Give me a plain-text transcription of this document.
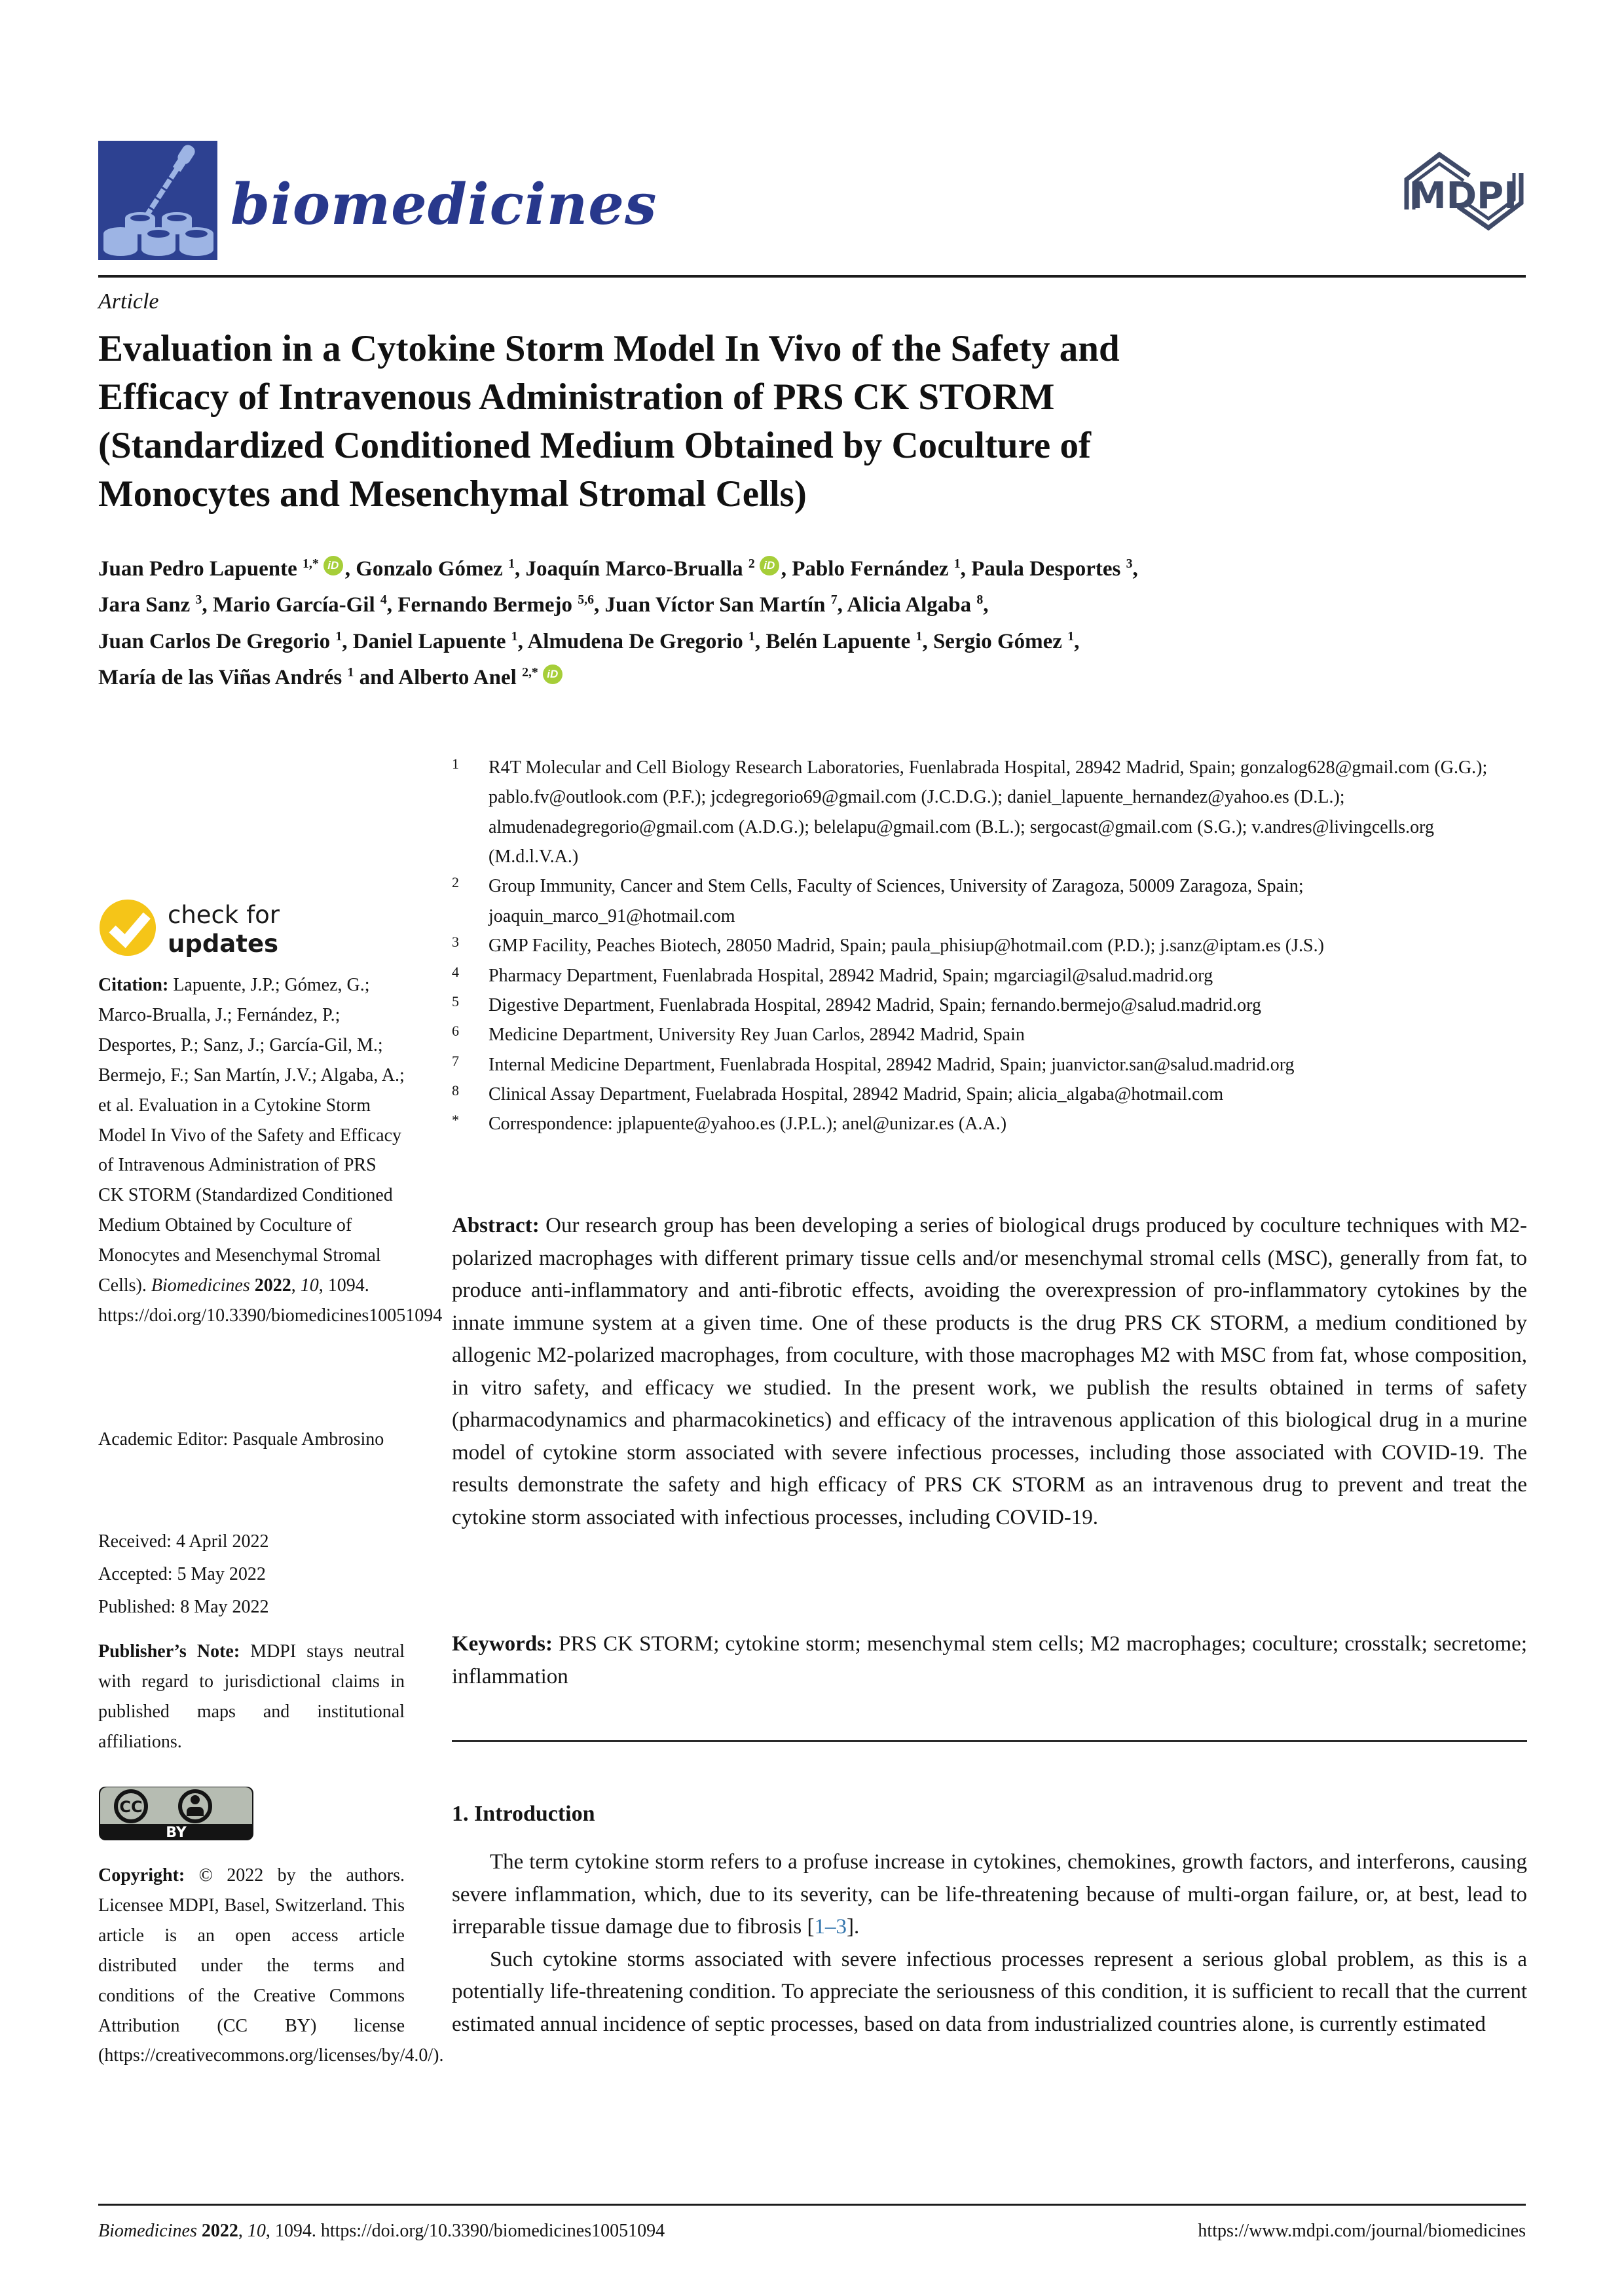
biomedicines	MDPI
Article
Evaluation in a Cytokine Storm Model In Vivo of the Safety and
Efficacy of Intravenous Administration of PRS CK STORM
(Standardized Conditioned Medium Obtained by Coculture of
Monocytes and Mesenchymal Stromal Cells)
Juan Pedro Lapuente $^{1,*}$ iD , Gonzalo Gómez $^1$, Joaquín Marco-Brualla $^2$ iD , Pablo Fernández $^1$, Paula Desportes $^3$,
Jara Sanz $^3$, Mario García-Gil $^4$, Fernando Bermejo $^{5,6}$, Juan Víctor San Martín $^7$, Alicia Algaba $^8$,
Juan Carlos De Gregorio $^1$, Daniel Lapuente $^1$, Almudena De Gregorio $^1$, Belén Lapuente $^1$, Sergio Gómez $^1$,
María de las Viñas Andrés $^1$ and Alberto Anel $^{2,*}$ iD
1	R4T Molecular and Cell Biology Research Laboratories, Fuenlabrada Hospital, 28942 Madrid, Spain; gonzalog628@gmail.com (G.G.); pablo.fv@outlook.com (P.F.); jcdegregorio69@gmail.com (J.C.D.G.); daniel_lapuente_hernandez@yahoo.es (D.L.); almudenadegregorio@gmail.com (A.D.G.); belelapu@gmail.com (B.L.); sergocast@gmail.com (S.G.); v.andres@livingcells.org (M.d.l.V.A.)
2	Group Immunity, Cancer and Stem Cells, Faculty of Sciences, University of Zaragoza, 50009 Zaragoza, Spain; joaquin_marco_91@hotmail.com
3	GMP Facility, Peaches Biotech, 28050 Madrid, Spain; paula_phisiup@hotmail.com (P.D.); j.sanz@iptam.es (J.S.)
4	Pharmacy Department, Fuenlabrada Hospital, 28942 Madrid, Spain; mgarciagil@salud.madrid.org
5	Digestive Department, Fuenlabrada Hospital, 28942 Madrid, Spain; fernando.bermejo@salud.madrid.org
6	Medicine Department, University Rey Juan Carlos, 28942 Madrid, Spain
7	Internal Medicine Department, Fuenlabrada Hospital, 28942 Madrid, Spain; juanvictor.san@salud.madrid.org
8	Clinical Assay Department, Fuelabrada Hospital, 28942 Madrid, Spain; alicia_algaba@hotmail.com
*	Correspondence: jplapuente@yahoo.es (J.P.L.); anel@unizar.es (A.A.)
Abstract: Our research group has been developing a series of biological drugs produced by coculture techniques with M2-polarized macrophages with different primary tissue cells and/or mesenchymal stromal cells (MSC), generally from fat, to produce anti-inflammatory and anti-fibrotic effects, avoiding the overexpression of pro-inflammatory cytokines by the innate immune system at a given time. One of these products is the drug PRS CK STORM, a medium conditioned by allogenic M2-polarized macrophages, from coculture, with those macrophages M2 with MSC from fat, whose composition, in vitro safety, and efficacy we studied. In the present work, we publish the results obtained in terms of safety (pharmacodynamics and pharmacokinetics) and efficacy of the intravenous application of this biological drug in a murine model of cytokine storm associated with severe infectious processes, including those associated with COVID-19. The results demonstrate the safety and high efficacy of PRS CK STORM as an intravenous drug to prevent and treat the cytokine storm associated with infectious processes, including COVID-19.
Keywords: PRS CK STORM; cytokine storm; mesenchymal stem cells; M2 macrophages; coculture; crosstalk; secretome; inflammation
1. Introduction

The term cytokine storm refers to a profuse increase in cytokines, chemokines, growth factors, and interferons, causing severe inflammation, which, due to its severity, can be life-threatening because of multi-organ failure, or, at best, lead to irreparable tissue damage due to fibrosis [1–3].

Such cytokine storms associated with severe infectious processes represent a serious global problem, as this is a potentially life-threatening condition. To appreciate the seriousness of this condition, it is sufficient to recall that the current estimated annual incidence of septic processes, based on data from industrialized countries alone, is currently estimated

check for
updates
Citation: Lapuente, J.P.; Gómez, G.; Marco-Brualla, J.; Fernández, P.; Desportes, P.; Sanz, J.; García-Gil, M.; Bermejo, F.; San Martín, J.V.; Algaba, A.; et al. Evaluation in a Cytokine Storm Model In Vivo of the Safety and Efficacy of Intravenous Administration of PRS CK STORM (Standardized Conditioned Medium Obtained by Coculture of Monocytes and Mesenchymal Stromal Cells). Biomedicines 2022, 10, 1094. https://doi.org/10.3390/biomedicines10051094
Academic Editor: Pasquale Ambrosino
Received: 4 April 2022
Accepted: 5 May 2022
Published: 8 May 2022
Publisher’s Note: MDPI stays neutral with regard to jurisdictional claims in published maps and institutional affiliations.
CC
BY
Copyright: © 2022 by the authors. Licensee MDPI, Basel, Switzerland. This article is an open access article distributed under the terms and conditions of the Creative Commons Attribution (CC BY) license (https://creativecommons.org/licenses/by/4.0/).
Biomedicines 2022, 10, 1094. https://doi.org/10.3390/biomedicines10051094	https://www.mdpi.com/journal/biomedicines
